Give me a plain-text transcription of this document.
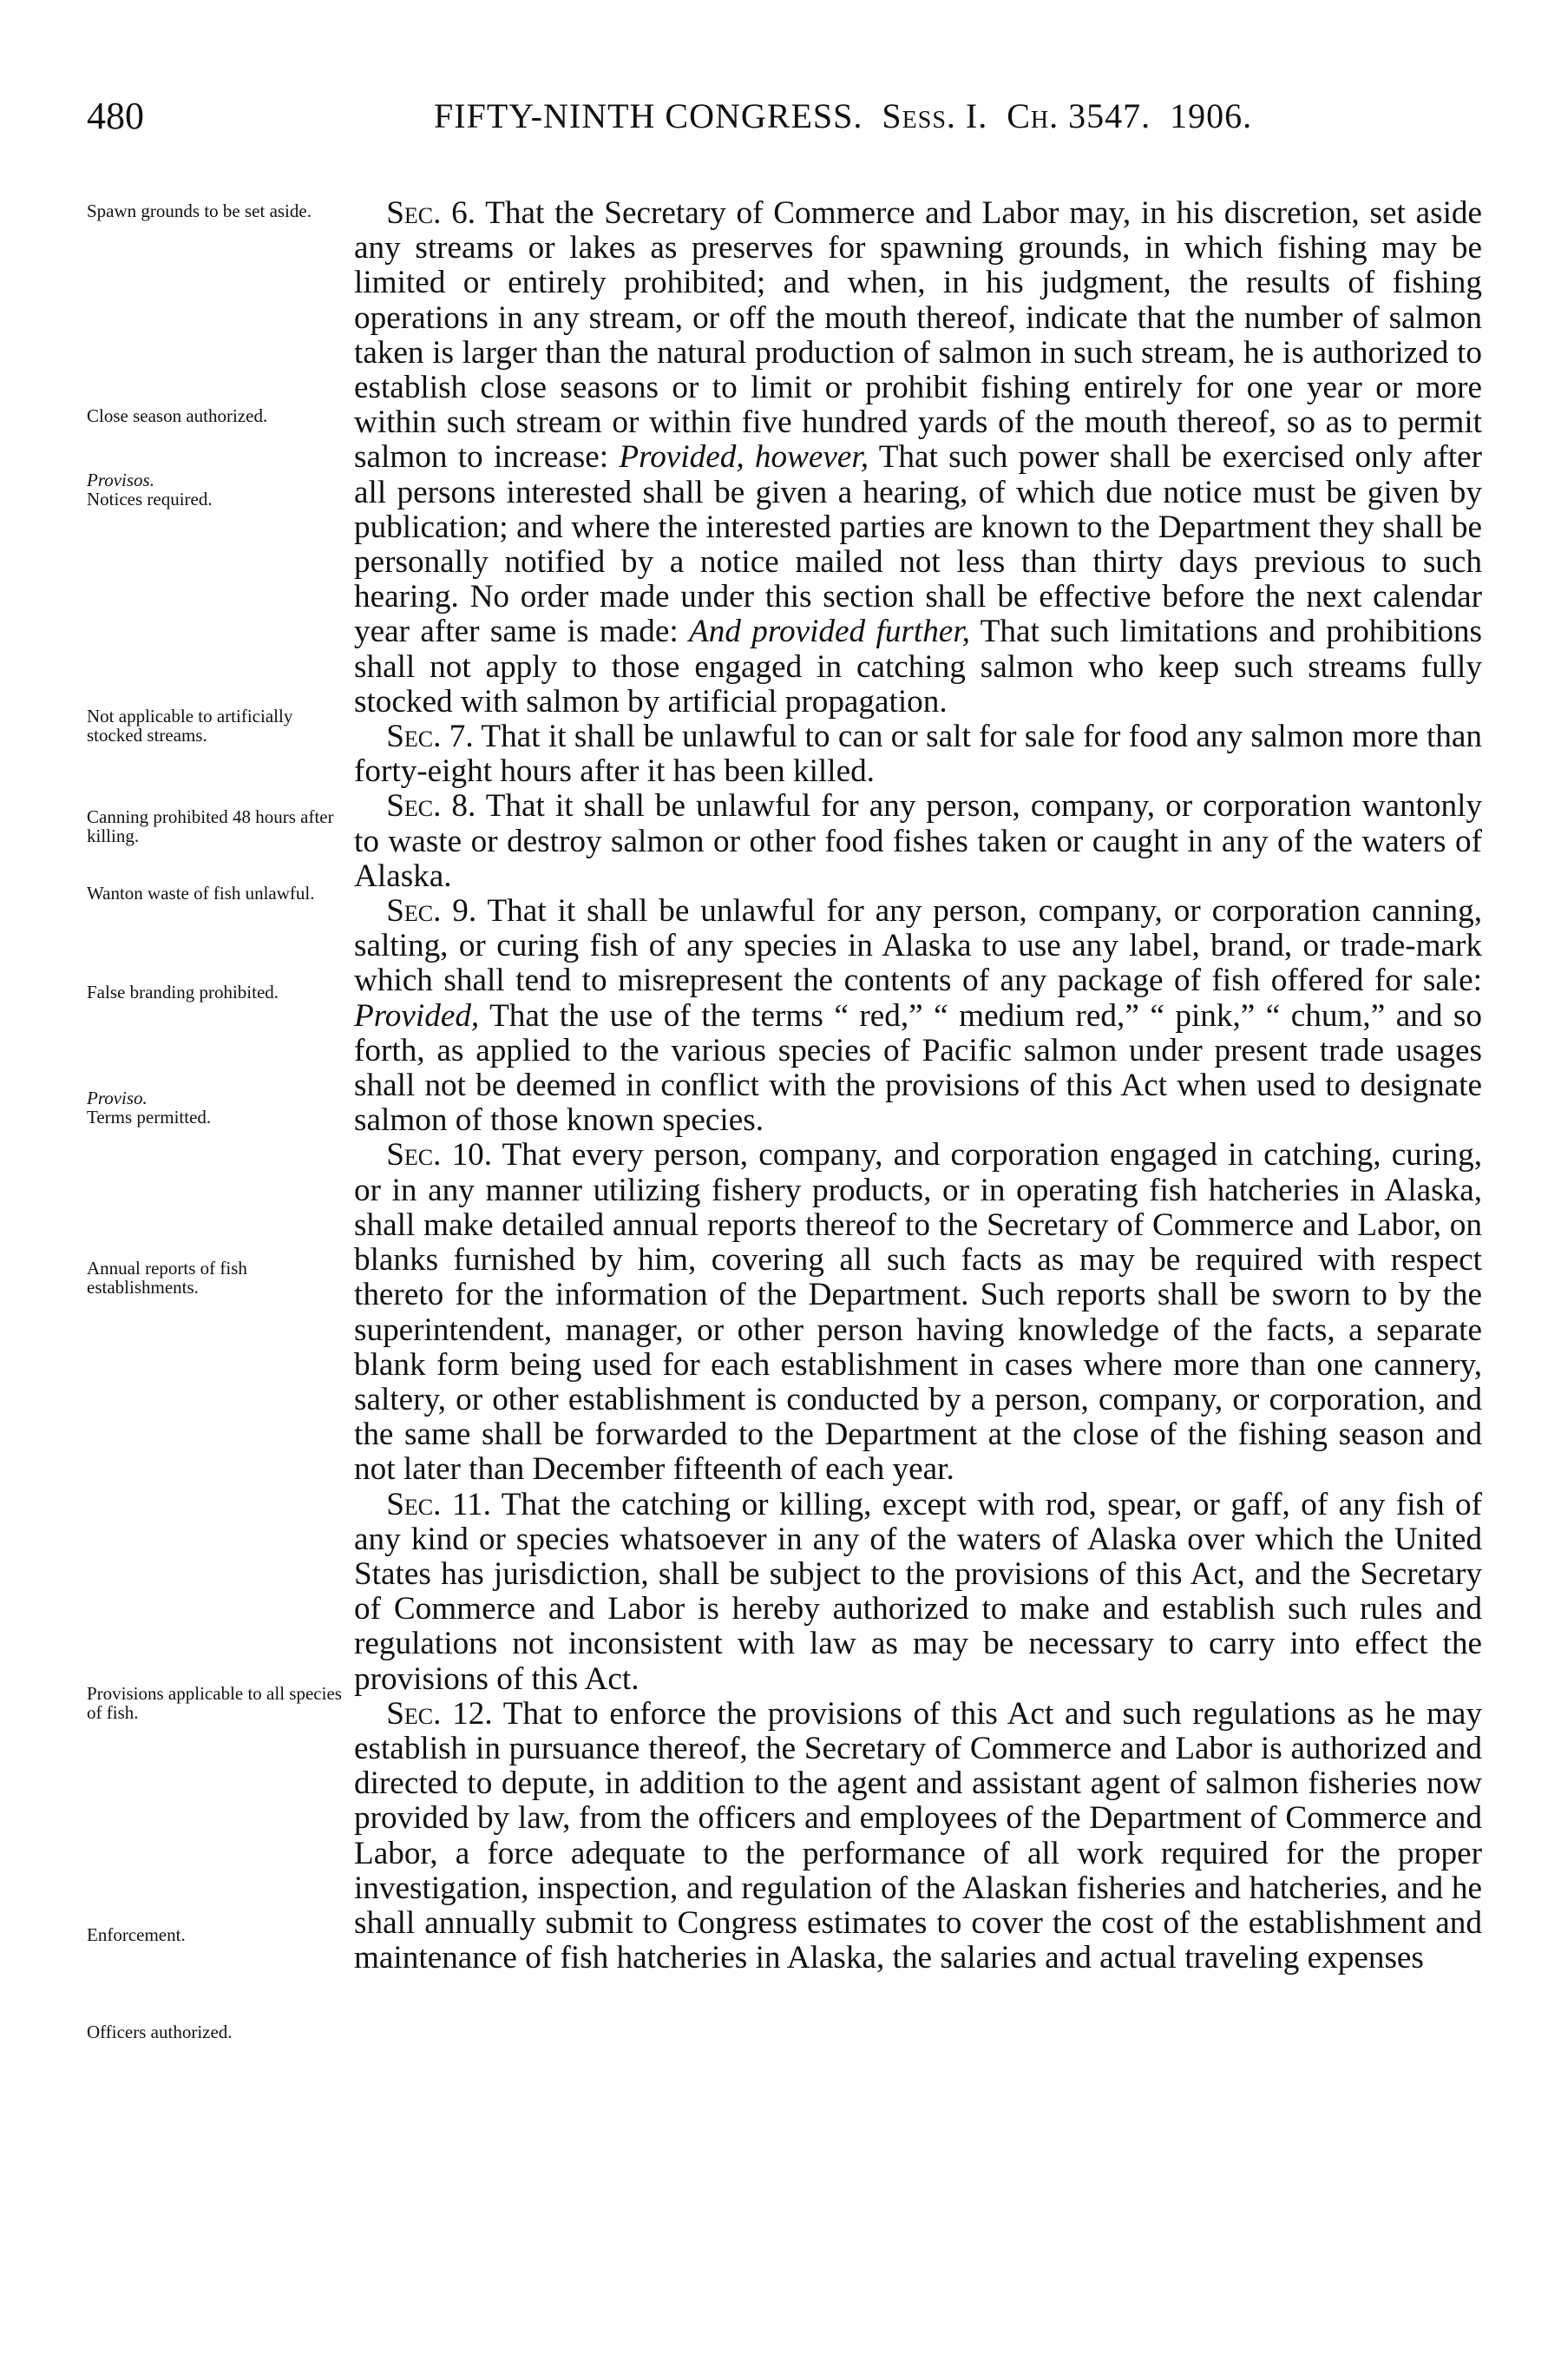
480	FIFTY-NINTH CONGRESS. Sess. I. Ch. 3547. 1906.
Spawn grounds to be set aside.
Close season authorized.
Provisos.
Notices required.
Not applicable to artificially stocked streams.
Canning prohibited 48 hours after killing.
Wanton waste of fish unlawful.
False branding prohibited.
Proviso.
Terms permitted.
Annual reports of fish establishments.
Provisions applicable to all species of fish.
Enforcement.
Officers authorized.

 Sec. 6. That the Secretary of Commerce and Labor may, in his discretion, set aside any streams or lakes as preserves for spawning grounds, in which fishing may be limited or entirely prohibited; and when, in his judgment, the results of fishing operations in any stream, or off the mouth thereof, indicate that the number of salmon taken is larger than the natural production of salmon in such stream, he is authorized to establish close seasons or to limit or prohibit fishing entirely for one year or more within such stream or within five hundred yards of the mouth thereof, so as to permit salmon to increase: Provided, however, That such power shall be exercised only after all persons interested shall be given a hearing, of which due notice must be given by publication; and where the interested parties are known to the Department they shall be personally notified by a notice mailed not less than thirty days previous to such hearing. No order made under this section shall be effective before the next calendar year after same is made: And provided further, That such limitations and prohibitions shall not apply to those engaged in catching salmon who keep such streams fully stocked with salmon by artificial propagation.

 Sec. 7. That it shall be unlawful to can or salt for sale for food any salmon more than forty-eight hours after it has been killed.

 Sec. 8. That it shall be unlawful for any person, company, or corporation wantonly to waste or destroy salmon or other food fishes taken or caught in any of the waters of Alaska.

 Sec. 9. That it shall be unlawful for any person, company, or corporation canning, salting, or curing fish of any species in Alaska to use any label, brand, or trade-mark which shall tend to misrepresent the contents of any package of fish offered for sale: Provided, That the use of the terms “ red,” “ medium red,” “ pink,” “ chum,” and so forth, as applied to the various species of Pacific salmon under present trade usages shall not be deemed in conflict with the provisions of this Act when used to designate salmon of those known species.

 Sec. 10. That every person, company, and corporation engaged in catching, curing, or in any manner utilizing fishery products, or in operating fish hatcheries in Alaska, shall make detailed annual reports thereof to the Secretary of Commerce and Labor, on blanks furnished by him, covering all such facts as may be required with respect thereto for the information of the Department. Such reports shall be sworn to by the superintendent, manager, or other person having knowledge of the facts, a separate blank form being used for each establishment in cases where more than one cannery, saltery, or other establishment is conducted by a person, company, or corporation, and the same shall be forwarded to the Department at the close of the fishing season and not later than December fifteenth of each year.

 Sec. 11. That the catching or killing, except with rod, spear, or gaff, of any fish of any kind or species whatsoever in any of the waters of Alaska over which the United States has jurisdiction, shall be subject to the provisions of this Act, and the Secretary of Commerce and Labor is hereby authorized to make and establish such rules and regulations not inconsistent with law as may be necessary to carry into effect the provisions of this Act.

 Sec. 12. That to enforce the provisions of this Act and such regulations as he may establish in pursuance thereof, the Secretary of Commerce and Labor is authorized and directed to depute, in addition to the agent and assistant agent of salmon fisheries now provided by law, from the officers and employees of the Department of Commerce and Labor, a force adequate to the performance of all work required for the proper investigation, inspection, and regulation of the Alaskan fisheries and hatcheries, and he shall annually submit to Congress estimates to cover the cost of the establishment and maintenance of fish hatcheries in Alaska, the salaries and actual traveling expenses
